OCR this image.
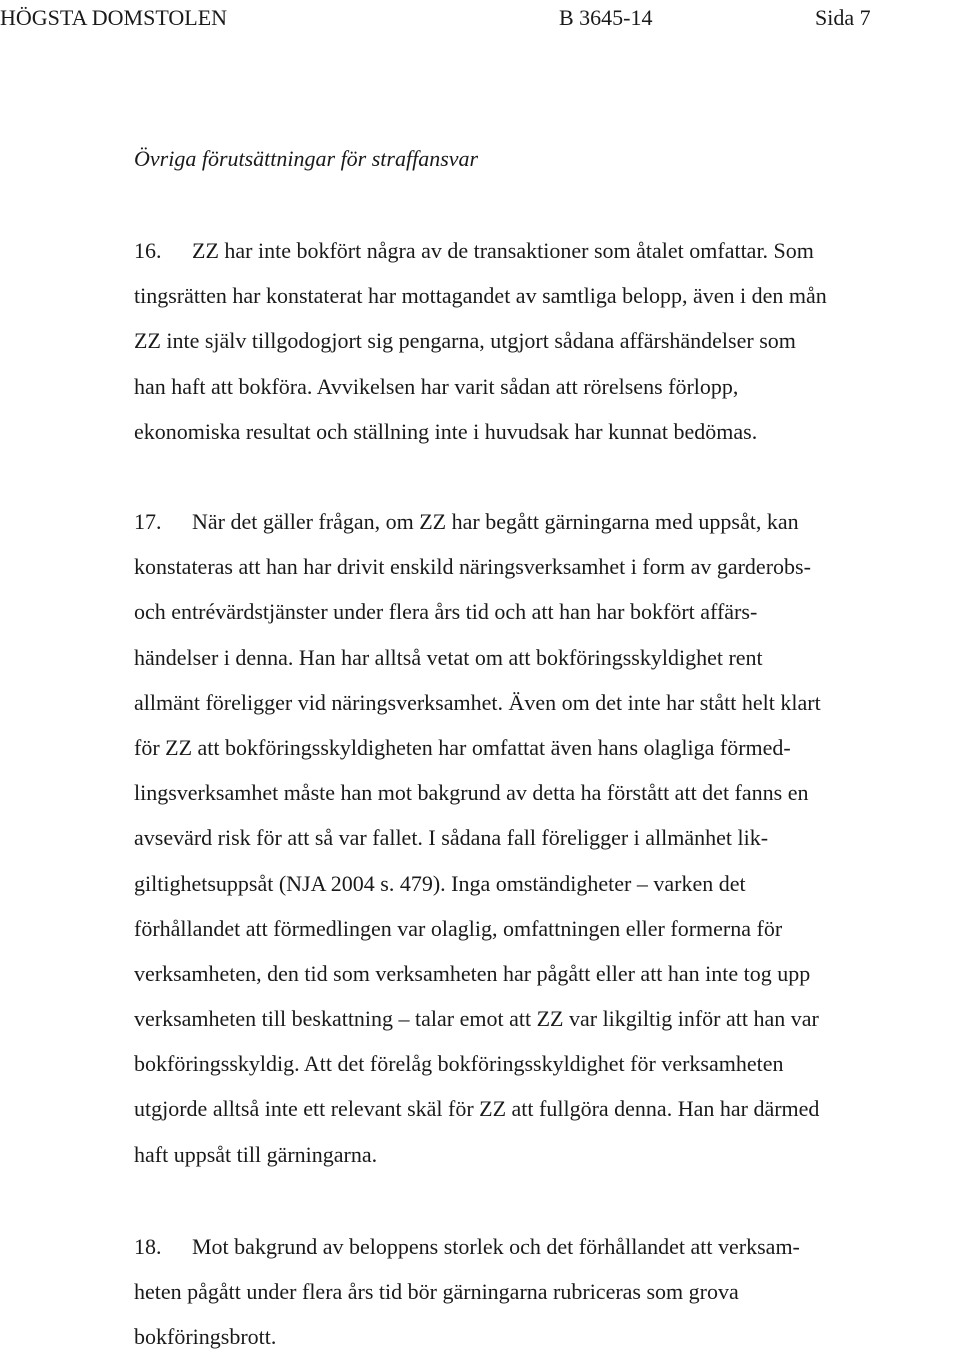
HÖGSTA DOMSTOLEN	B 3645-14	Sida 7
Övriga förutsättningar för straffansvar
16. ZZ har inte bokfört några av de transaktioner som åtalet omfattar. Som
tingsrätten har konstaterat har mottagandet av samtliga belopp, även i den mån
ZZ inte själv tillgodogjort sig pengarna, utgjort sådana affärshändelser som
han haft att bokföra. Avvikelsen har varit sådan att rörelsens förlopp,
ekonomiska resultat och ställning inte i huvudsak har kunnat bedömas.
17. När det gäller frågan, om ZZ har begått gärningarna med uppsåt, kan
konstateras att han har drivit enskild näringsverksamhet i form av garderobs-
och entrévärdstjänster under flera års tid och att han har bokfört affärs-
händelser i denna. Han har alltså vetat om att bokföringsskyldighet rent
allmänt föreligger vid näringsverksamhet. Även om det inte har stått helt klart
för ZZ att bokföringsskyldigheten har omfattat även hans olagliga förmed-
lingsverksamhet måste han mot bakgrund av detta ha förstått att det fanns en
avsevärd risk för att så var fallet. I sådana fall föreligger i allmänhet lik-
giltighetsuppsåt (NJA 2004 s. 479). Inga omständigheter – varken det
förhållandet att förmedlingen var olaglig, omfattningen eller formerna för
verksamheten, den tid som verksamheten har pågått eller att han inte tog upp
verksamheten till beskattning – talar emot att ZZ var likgiltig inför att han var
bokföringsskyldig. Att det förelåg bokföringsskyldighet för verksamheten
utgjorde alltså inte ett relevant skäl för ZZ att fullgöra denna. Han har därmed
haft uppsåt till gärningarna.
18. Mot bakgrund av beloppens storlek och det förhållandet att verksam-
heten pågått under flera års tid bör gärningarna rubriceras som grova
bokföringsbrott.
